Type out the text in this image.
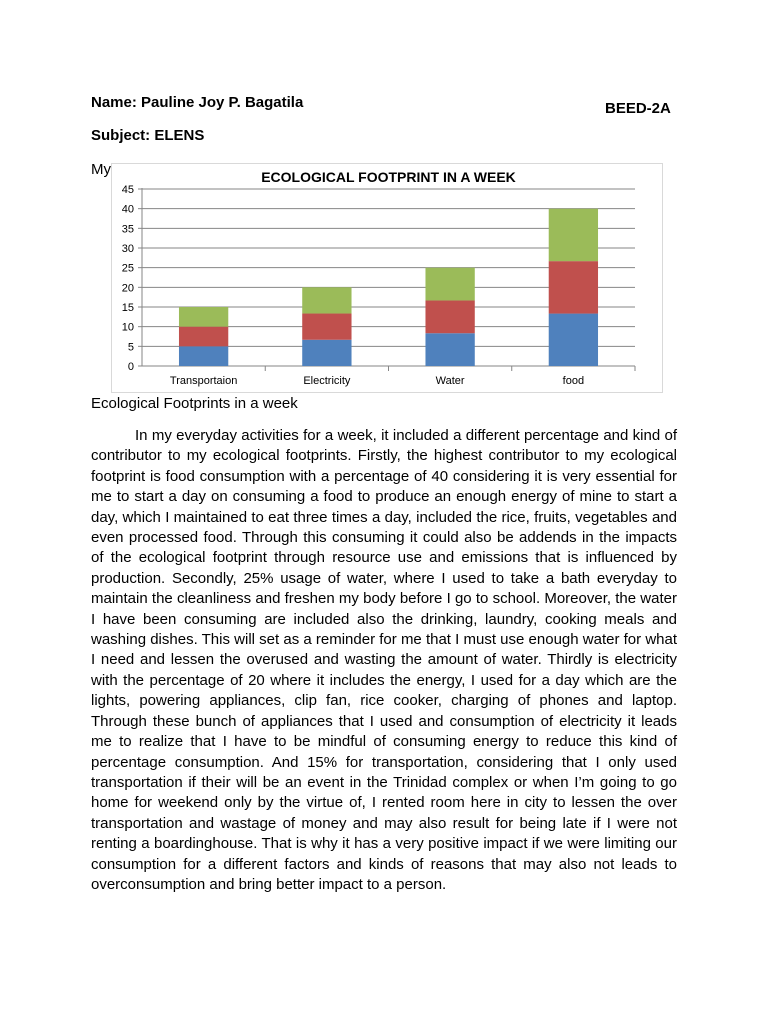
Name: Pauline Joy P. Bagatila	BEED-2A
Subject: ELENS
My	ECOLOGICAL FOOTPRINT IN A WEEK
0
5
10
15
20
25
30
35
40
45
Transportaion	Electricity	Water	food
Ecological Footprints in a week

In my everyday activities for a week, it included a different percentage and kind of contributor to my ecological footprints. Firstly, the highest contributor to my ecological footprint is food consumption with a percentage of 40 considering it is very essential for me to start a day on consuming a food to produce an enough energy of mine to start a day, which I maintained to eat three times a day, included the rice, fruits, vegetables and even processed food. Through this consuming it could also be addends in the impacts of the ecological footprint through resource use and emissions that is influenced by production. Secondly, 25% usage of water, where I used to take a bath everyday to maintain the cleanliness and freshen my body before I go to school. Moreover, the water I have been consuming are included also the drinking, laundry, cooking meals and washing dishes. This will set as a reminder for me that I must use enough water for what I need and lessen the overused and wasting the amount of water. Thirdly is electricity with the percentage of 20 where it includes the energy, I used for a day which are the lights, powering appliances, clip fan, rice cooker, charging of phones and laptop. Through these bunch of appliances that I used and consumption of electricity it leads me to realize that I have to be mindful of consuming energy to reduce this kind of percentage consumption. And 15% for transportation, considering that I only used transportation if their will be an event in the Trinidad complex or when I’m going to go home for weekend only by the virtue of, I rented room here in city to lessen the over transportation and wastage of money and may also result for being late if I were not renting a boardinghouse. That is why it has a very positive impact if we were limiting our consumption for a different factors and kinds of reasons that may also not leads to overconsumption and bring better impact to a person.
